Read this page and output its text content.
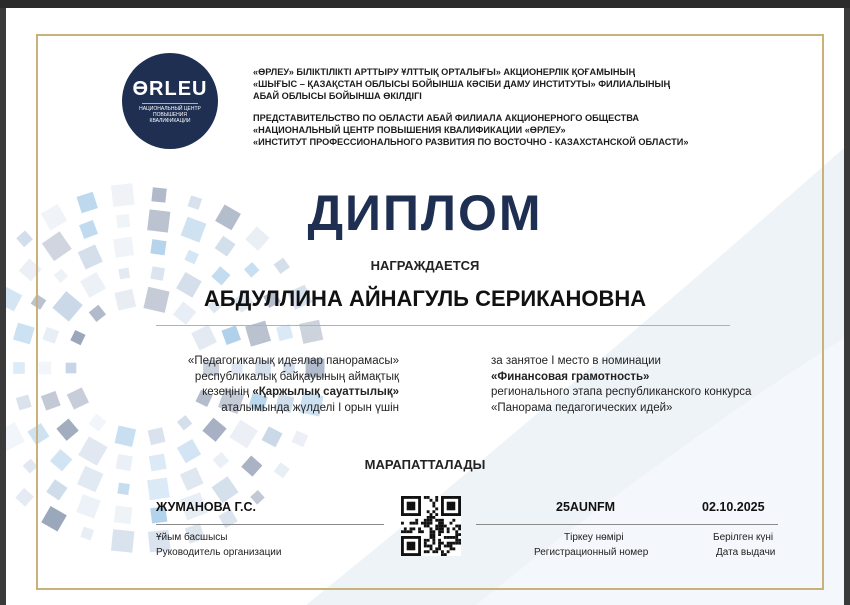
ӨRLEU
НАЦИОНАЛЬНЫЙ ЦЕНТР ПОВЫШЕНИЯ КВАЛИФИКАЦИИ
«ӨРЛЕУ» БІЛІКТІЛІКТІ АРТТЫРУ ҰЛТТЫҚ ОРТАЛЫҒЫ» АКЦИОНЕРЛІК ҚОҒАМЫНЫҢ
«ШЫҒЫС – ҚАЗАҚСТАН ОБЛЫСЫ БОЙЫНША КӘСІБИ ДАМУ ИНСТИТУТЫ» ФИЛИАЛЫНЫҢ
АБАЙ ОБЛЫСЫ БОЙЫНША ӨКІЛДІГІ
ПРЕДСТАВИТЕЛЬСТВО ПО ОБЛАСТИ АБАЙ ФИЛИАЛА АКЦИОНЕРНОГО ОБЩЕСТВА
«НАЦИОНАЛЬНЫЙ ЦЕНТР ПОВЫШЕНИЯ КВАЛИФИКАЦИИ «ӨРЛЕУ»
«ИНСТИТУТ ПРОФЕССИОНАЛЬНОГО РАЗВИТИЯ ПО ВОСТОЧНО - КАЗАХСТАНСКОЙ ОБЛАСТИ»
ДИПЛОМ
НАГРАЖДАЕТСЯ
АБДУЛЛИНА АЙНАГУЛЬ СЕРИКАНОВНА
«Педагогикалық идеялар панорамасы»
республикалық байқауының аймақтық
кезеңінің «Қаржылық сауаттылық»
аталымында жүлделі I орын үшін
за занятое I место в номинации
«Финансовая грамотность»
регионального этапа республиканского конкурса
«Панорама педагогических идей»
МАРАПАТТАЛАДЫ
ЖУМАНОВА Г.С.
Ұйым басшысы
Руководитель организации
25AUNFM	02.10.2025
Тіркеу нөмірі
Регистрационный номер
Берілген күні
Дата выдачи
